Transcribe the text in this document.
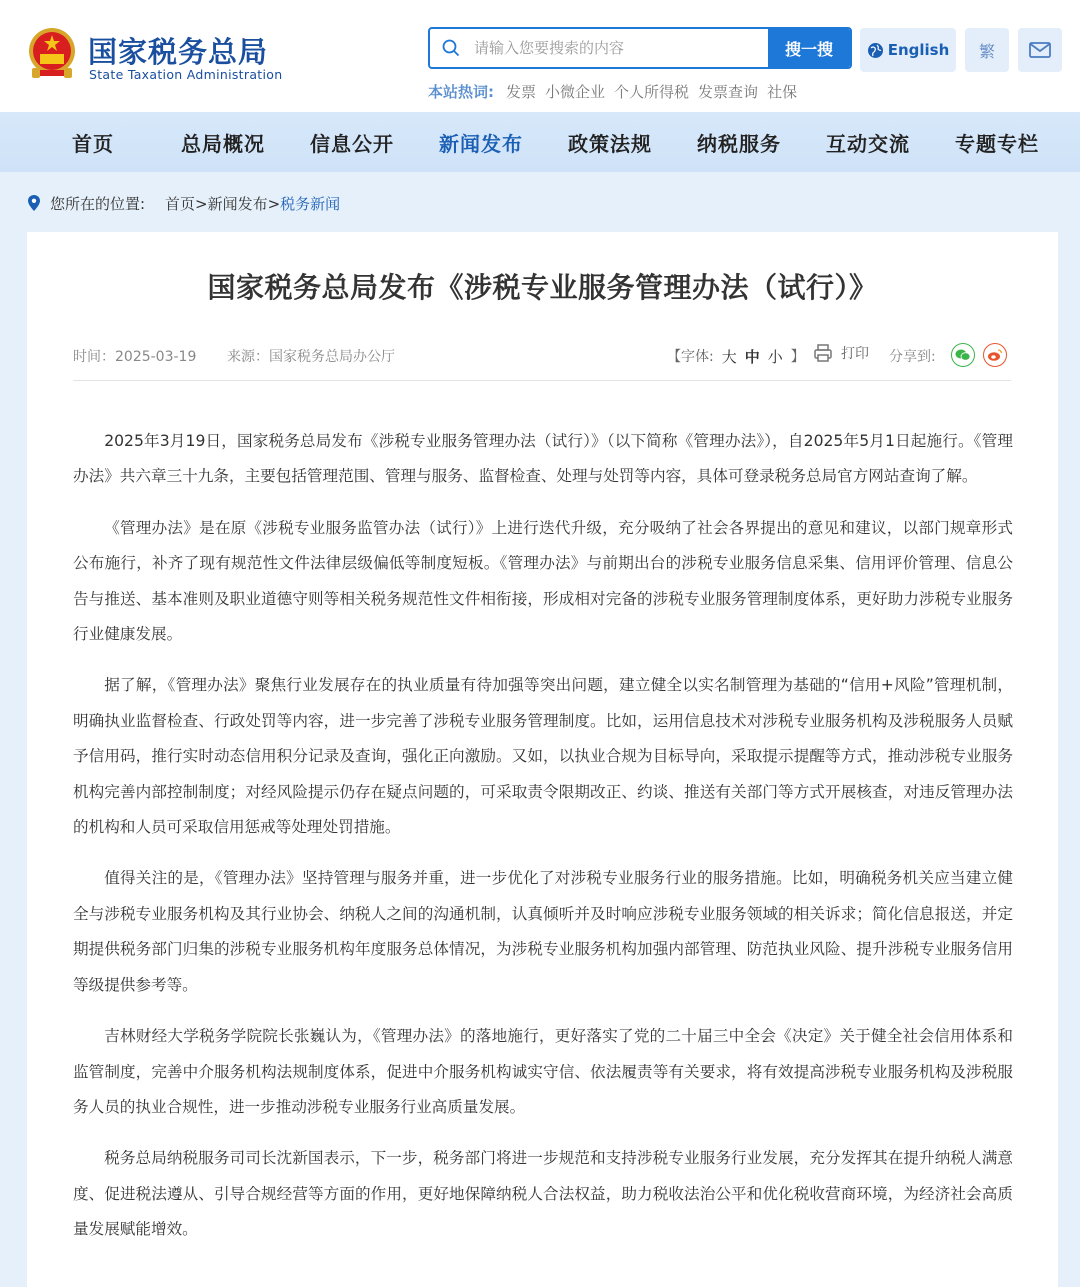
国家税务总局
State Taxation Administration
请输入您要搜索的内容
搜一搜
本站热词: 发票 小微企业 个人所得税 发票查询 社保
English	繁
首页	总局概况 信息公开 新闻发布 政策法规 纳税服务 互动交流 专题专栏
您所在的位置: 首页>新闻发布>税务新闻
国家税务总局发布《涉税专业服务管理办法（试行）》
时间：2025-03-19 来源：国家税务总局办公厅	【字体: 大 中 小 】	打印 分享到:

2025年3月19日，国家税务总局发布《涉税专业服务管理办法（试行）》（以下简称《管理办法》），自2025年5月1日起施行。《管理办法》共六章三十九条，主要包括管理范围、管理与服务、监督检查、处理与处罚等内容，具体可登录税务总局官方网站查询了解。

《管理办法》是在原《涉税专业服务监管办法（试行）》上进行迭代升级，充分吸纳了社会各界提出的意见和建议，以部门规章形式公布施行，补齐了现有规范性文件法律层级偏低等制度短板。《管理办法》与前期出台的涉税专业服务信息采集、信用评价管理、信息公告与推送、基本准则及职业道德守则等相关税务规范性文件相衔接，形成相对完备的涉税专业服务管理制度体系，更好助力涉税专业服务行业健康发展。

据了解，《管理办法》聚焦行业发展存在的执业质量有待加强等突出问题，建立健全以实名制管理为基础的“信用+风险”管理机制，明确执业监督检查、行政处罚等内容，进一步完善了涉税专业服务管理制度。比如，运用信息技术对涉税专业服务机构及涉税服务人员赋予信用码，推行实时动态信用积分记录及查询，强化正向激励。又如，以执业合规为目标导向，采取提示提醒等方式，推动涉税专业服务机构完善内部控制制度；对经风险提示仍存在疑点问题的，可采取责令限期改正、约谈、推送有关部门等方式开展核查，对违反管理办法的机构和人员可采取信用惩戒等处理处罚措施。

值得关注的是，《管理办法》坚持管理与服务并重，进一步优化了对涉税专业服务行业的服务措施。比如，明确税务机关应当建立健全与涉税专业服务机构及其行业协会、纳税人之间的沟通机制，认真倾听并及时响应涉税专业服务领域的相关诉求；简化信息报送，并定期提供税务部门归集的涉税专业服务机构年度服务总体情况，为涉税专业服务机构加强内部管理、防范执业风险、提升涉税专业服务信用等级提供参考等。

吉林财经大学税务学院院长张巍认为，《管理办法》的落地施行，更好落实了党的二十届三中全会《决定》关于健全社会信用体系和监管制度，完善中介服务机构法规制度体系，促进中介服务机构诚实守信、依法履责等有关要求，将有效提高涉税专业服务机构及涉税服务人员的执业合规性，进一步推动涉税专业服务行业高质量发展。

税务总局纳税服务司司长沈新国表示，下一步，税务部门将进一步规范和支持涉税专业服务行业发展，充分发挥其在提升纳税人满意度、促进税法遵从、引导合规经营等方面的作用，更好地保障纳税人合法权益，助力税收法治公平和优化税收营商环境，为经济社会高质量发展赋能增效。
